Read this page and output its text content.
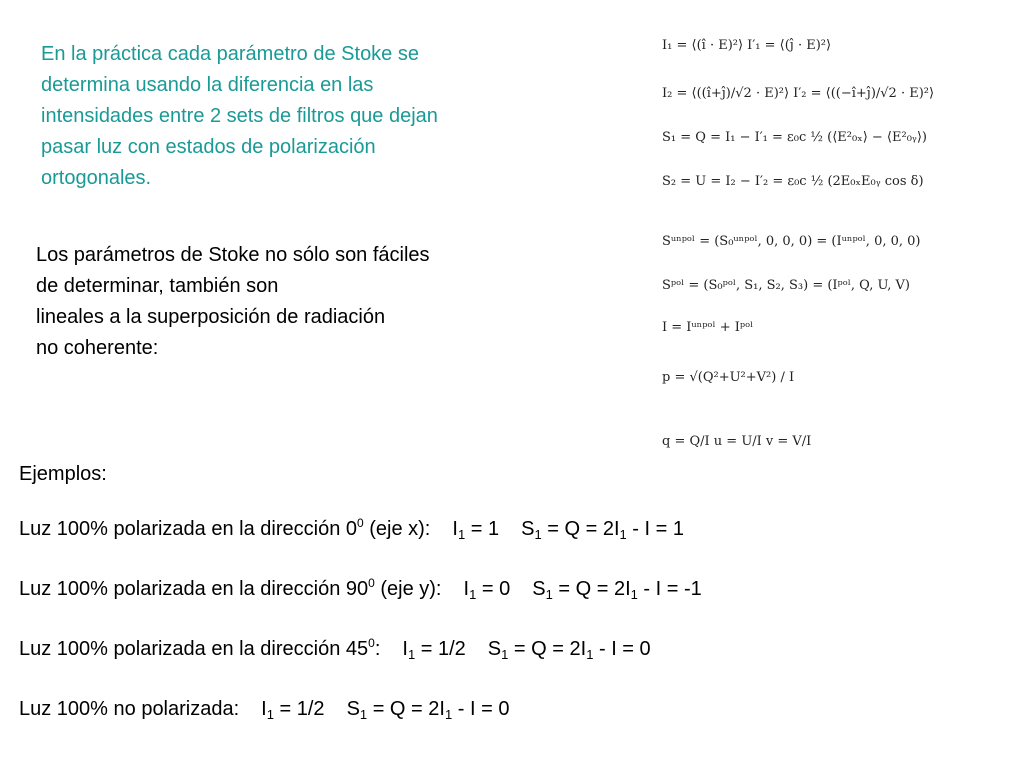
En la práctica cada parámetro de Stoke se

determina usando la diferencia en las

intensidades entre 2 sets de filtros que dejan

pasar luz con estados de polarización

ortogonales.

Los parámetros de Stoke no sólo son fáciles
de determinar, también son
lineales a la superposición de radiación
no coherente:
I₁ = ⟨(î · E)²⟩ I′₁ = ⟨(ĵ · E)²⟩
I₂ = ⟨((î+ĵ)/√2 · E)²⟩ I′₂ = ⟨((−î+ĵ)/√2 · E)²⟩
S₁ = Q = I₁ − I′₁ = ε₀c ½ (⟨E²₀ₓ⟩ − ⟨E²₀ᵧ⟩)
S₂ = U = I₂ − I′₂ = ε₀c ½ (2E₀ₓE₀ᵧ cos δ)
Sᵘⁿᵖᵒˡ = (S₀ᵘⁿᵖᵒˡ, 0, 0, 0) = (Iᵘⁿᵖᵒˡ, 0, 0, 0)
Sᵖᵒˡ = (S₀ᵖᵒˡ, S₁, S₂, S₃) = (Iᵖᵒˡ, Q, U, V)
I = Iᵘⁿᵖᵒˡ + Iᵖᵒˡ
p = √(Q²+U²+V²) / I
q = Q/I u = U/I v = V/I
Ejemplos:
Luz 100% polarizada en la dirección $0^0$ (eje x): $I_1 = 1$ $S_1 = Q = 2I_1 - I = 1$
Luz 100% polarizada en la dirección $90^0$ (eje y): $I_1 = 0$ $S_1 = Q = 2I_1 - I = -1$
Luz 100% polarizada en la dirección $45^0$: $I_1 = 1/2$ $S_1 = Q = 2I_1 - I = 0$
Luz 100% no polarizada: $I_1 = 1/2$ $S_1 = Q = 2I_1 - I = 0$
